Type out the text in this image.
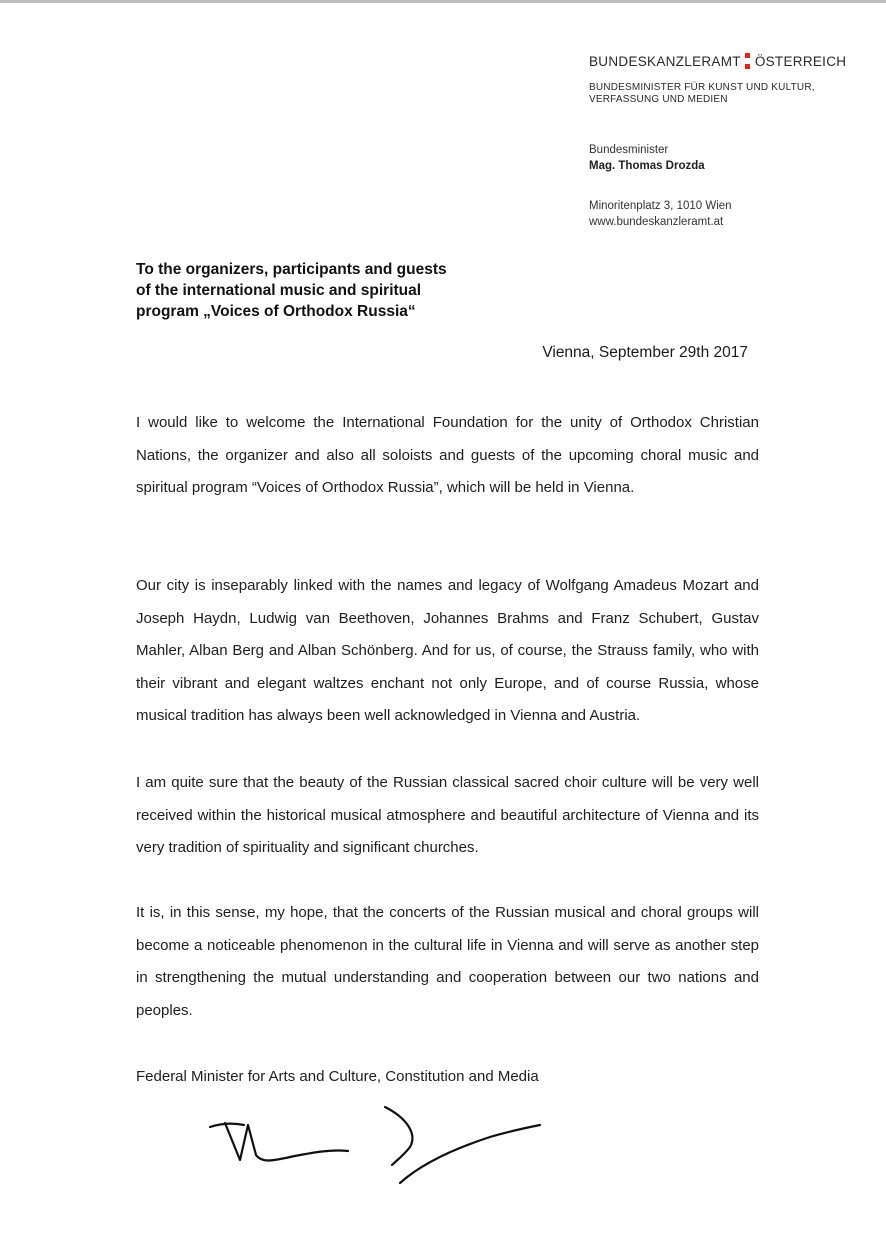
BUNDESKANZLERAMT ÖSTERREICH
BUNDESMINISTER FÜR KUNST UND KULTUR,
VERFASSUNG UND MEDIEN
Bundesminister
Mag. Thomas Drozda
Minoritenplatz 3, 1010 Wien
www.bundeskanzleramt.at
To the organizers, participants and guests
of the international music and spiritual
program „Voices of Orthodox Russia“
Vienna, September 29th 2017
I would like to welcome the International Foundation for the unity of Orthodox Christian Nations, the organizer and also all soloists and guests of the upcoming choral music and spiritual program “Voices of Orthodox Russia”, which will be held in Vienna.
Our city is inseparably linked with the names and legacy of Wolfgang Amadeus Mozart and Joseph Haydn, Ludwig van Beethoven, Johannes Brahms and Franz Schubert, Gustav Mahler, Alban Berg and Alban Schönberg. And for us, of course, the Strauss family, who with their vibrant and elegant waltzes enchant not only Europe, and of course Russia, whose musical tradition has always been well acknowledged in Vienna and Austria.
I am quite sure that the beauty of the Russian classical sacred choir culture will be very well received within the historical musical atmosphere and beautiful architecture of Vienna and its very tradition of spirituality and significant churches.
It is, in this sense, my hope, that the concerts of the Russian musical and choral groups will become a noticeable phenomenon in the cultural life in Vienna and will serve as another step in strengthening the mutual understanding and cooperation between our two nations and peoples.
Federal Minister for Arts and Culture, Constitution and Media
